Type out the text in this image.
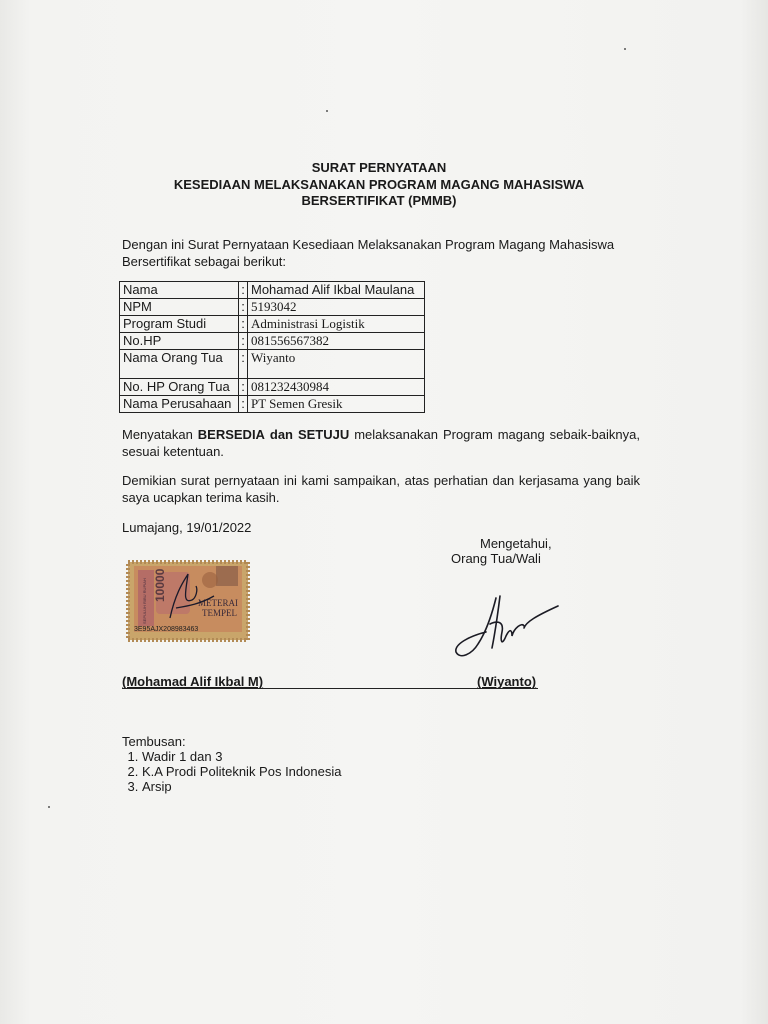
SURAT PERNYATAAN
KESEDIAAN MELAKSANAKAN PROGRAM MAGANG MAHASISWA
BERSERTIFIKAT (PMMB)
Dengan ini Surat Pernyataan Kesediaan Melaksanakan Program Magang Mahasiswa Bersertifikat sebagai berikut:
Nama	:	Mohamad Alif Ikbal Maulana
NPM	:	5193042
Program Studi	:	Administrasi Logistik
No.HP	:	081556567382
Nama Orang Tua	:	Wiyanto
No. HP Orang Tua	:	081232430984
Nama Perusahaan	:	PT Semen Gresik
Menyatakan BERSEDIA dan SETUJU melaksanakan Program magang sebaik-baiknya, sesuai ketentuan.
Demikian surat pernyataan ini kami sampaikan, atas perhatian dan kerjasama yang baik saya ucapkan terima kasih.
Lumajang, 19/01/2022
Mengetahui,
Orang Tua/Wali
10000
SEPULUH RIBU RUPIAH	METERAI
TEMPEL
3E95AJX208983463
(Mohamad Alif Ikbal M)	(Wiyanto)
Tembusan:
1. Wadir 1 dan 3
2. K.A Prodi Politeknik Pos Indonesia
3. Arsip
